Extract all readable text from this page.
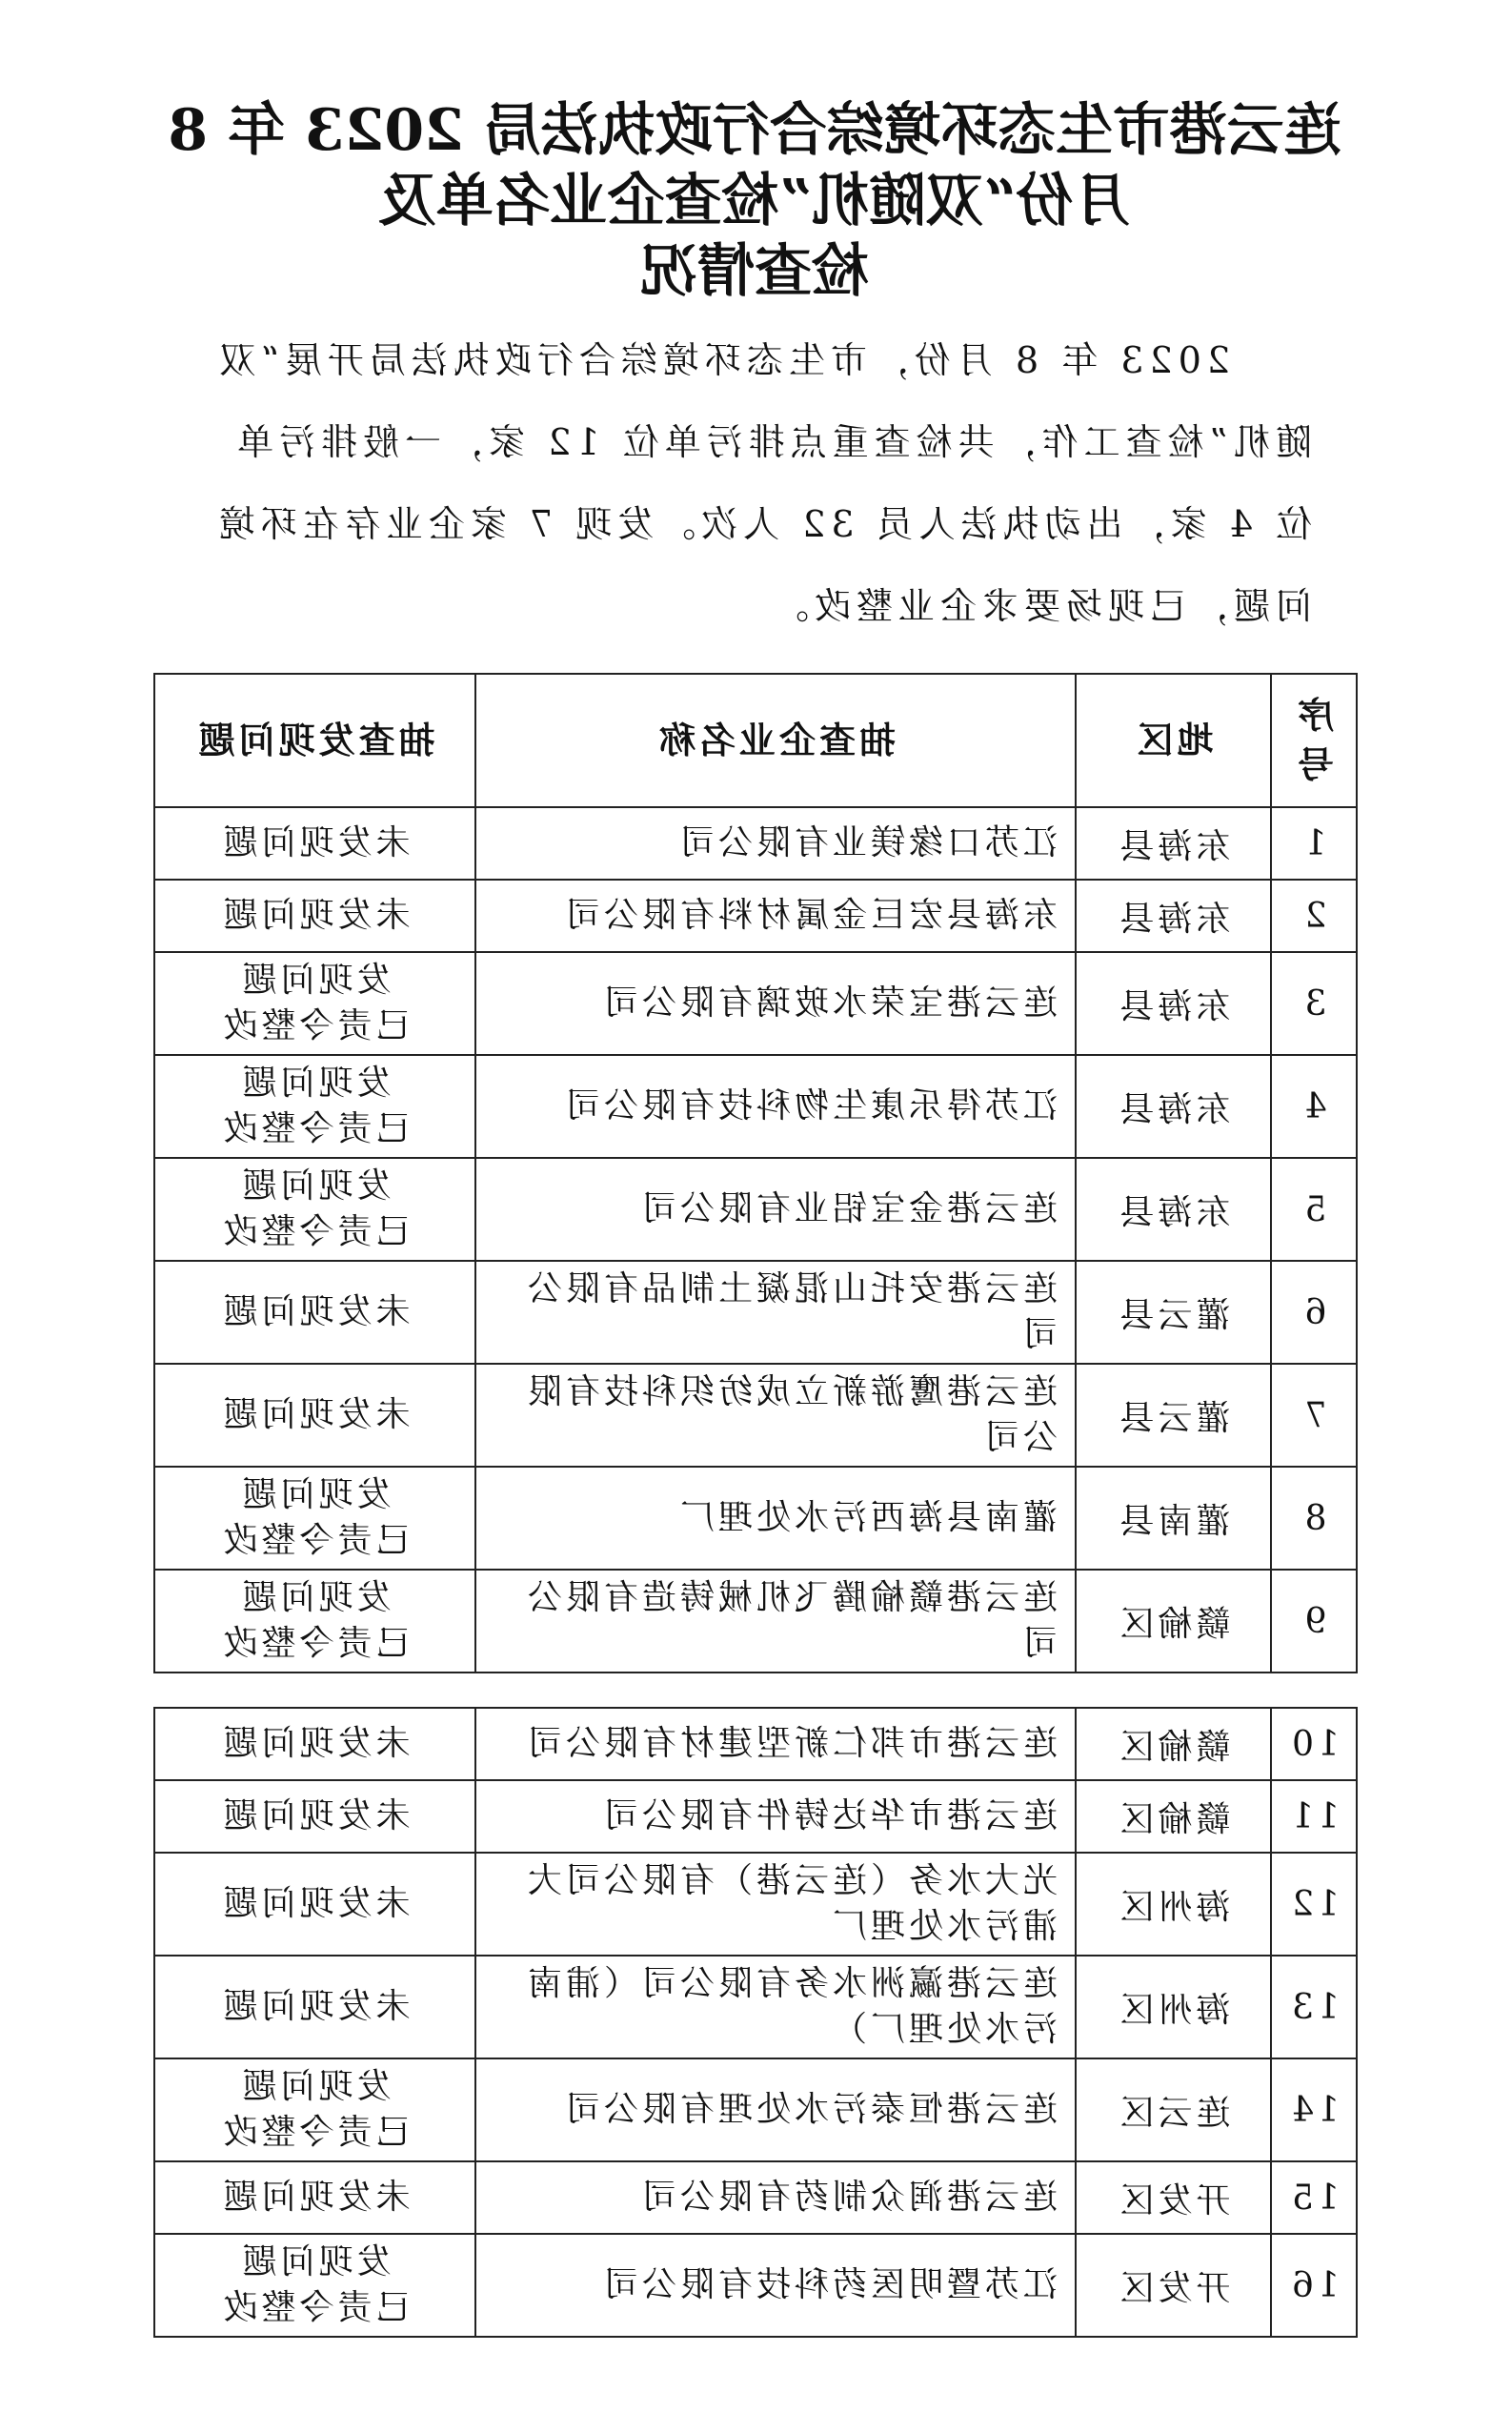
连云港市生态环境综合行政执法局 2023 年 8
月份“双随机”检查企业名单及
检查情况

2023 年 8 月份，市生态环境综合行政执法局开展“双随机”检查工作，共检查重点排污单位 12 家，一般排污单位 4 家，出动执法人员 32 人次。发现 7 家企业存在环境问题，已现场要求企业整改。

序号	地区	抽查企业名称	抽查发现问题
1	东海县	江苏口缘镁业有限公司	未发现问题
2	东海县	东海县宏巨金属材料有限公司	未发现问题
3	东海县	连云港宝荣水玻璃有限公司	发现问题
已责令整改
4	东海县	江苏得乐康生物科技有限公司	发现问题
已责令整改
5	东海县	连云港金宝铝业有限公司	发现问题
已责令整改
6	灌云县	连云港安托山混凝土制品有限公司	未发现问题
7	灌云县	连云港鹰游新立成纺织科技有限公司	未发现问题
8	灌南县	灌南县海西污水处理厂	发现问题
已责令整改
9	赣榆区	连云港赣榆腾飞机械铸造有限公司	发现问题
已责令整改
10	赣榆区	连云港市邦仁新型建材有限公司	未发现问题
11	赣榆区	连云港市华达铸件有限公司	未发现问题
12	海州区	光大水务（连云港）有限公司大浦污水处理厂	未发现问题
13	海州区	连云港瀛洲水务有限公司（浦南污水处理厂）	未发现问题
14	连云区	连云港恒泰污水处理有限公司	发现问题
已责令整改
15	开发区	连云港润众制药有限公司	未发现问题
16	开发区	江苏暨明医药科技有限公司	发现问题
已责令整改
